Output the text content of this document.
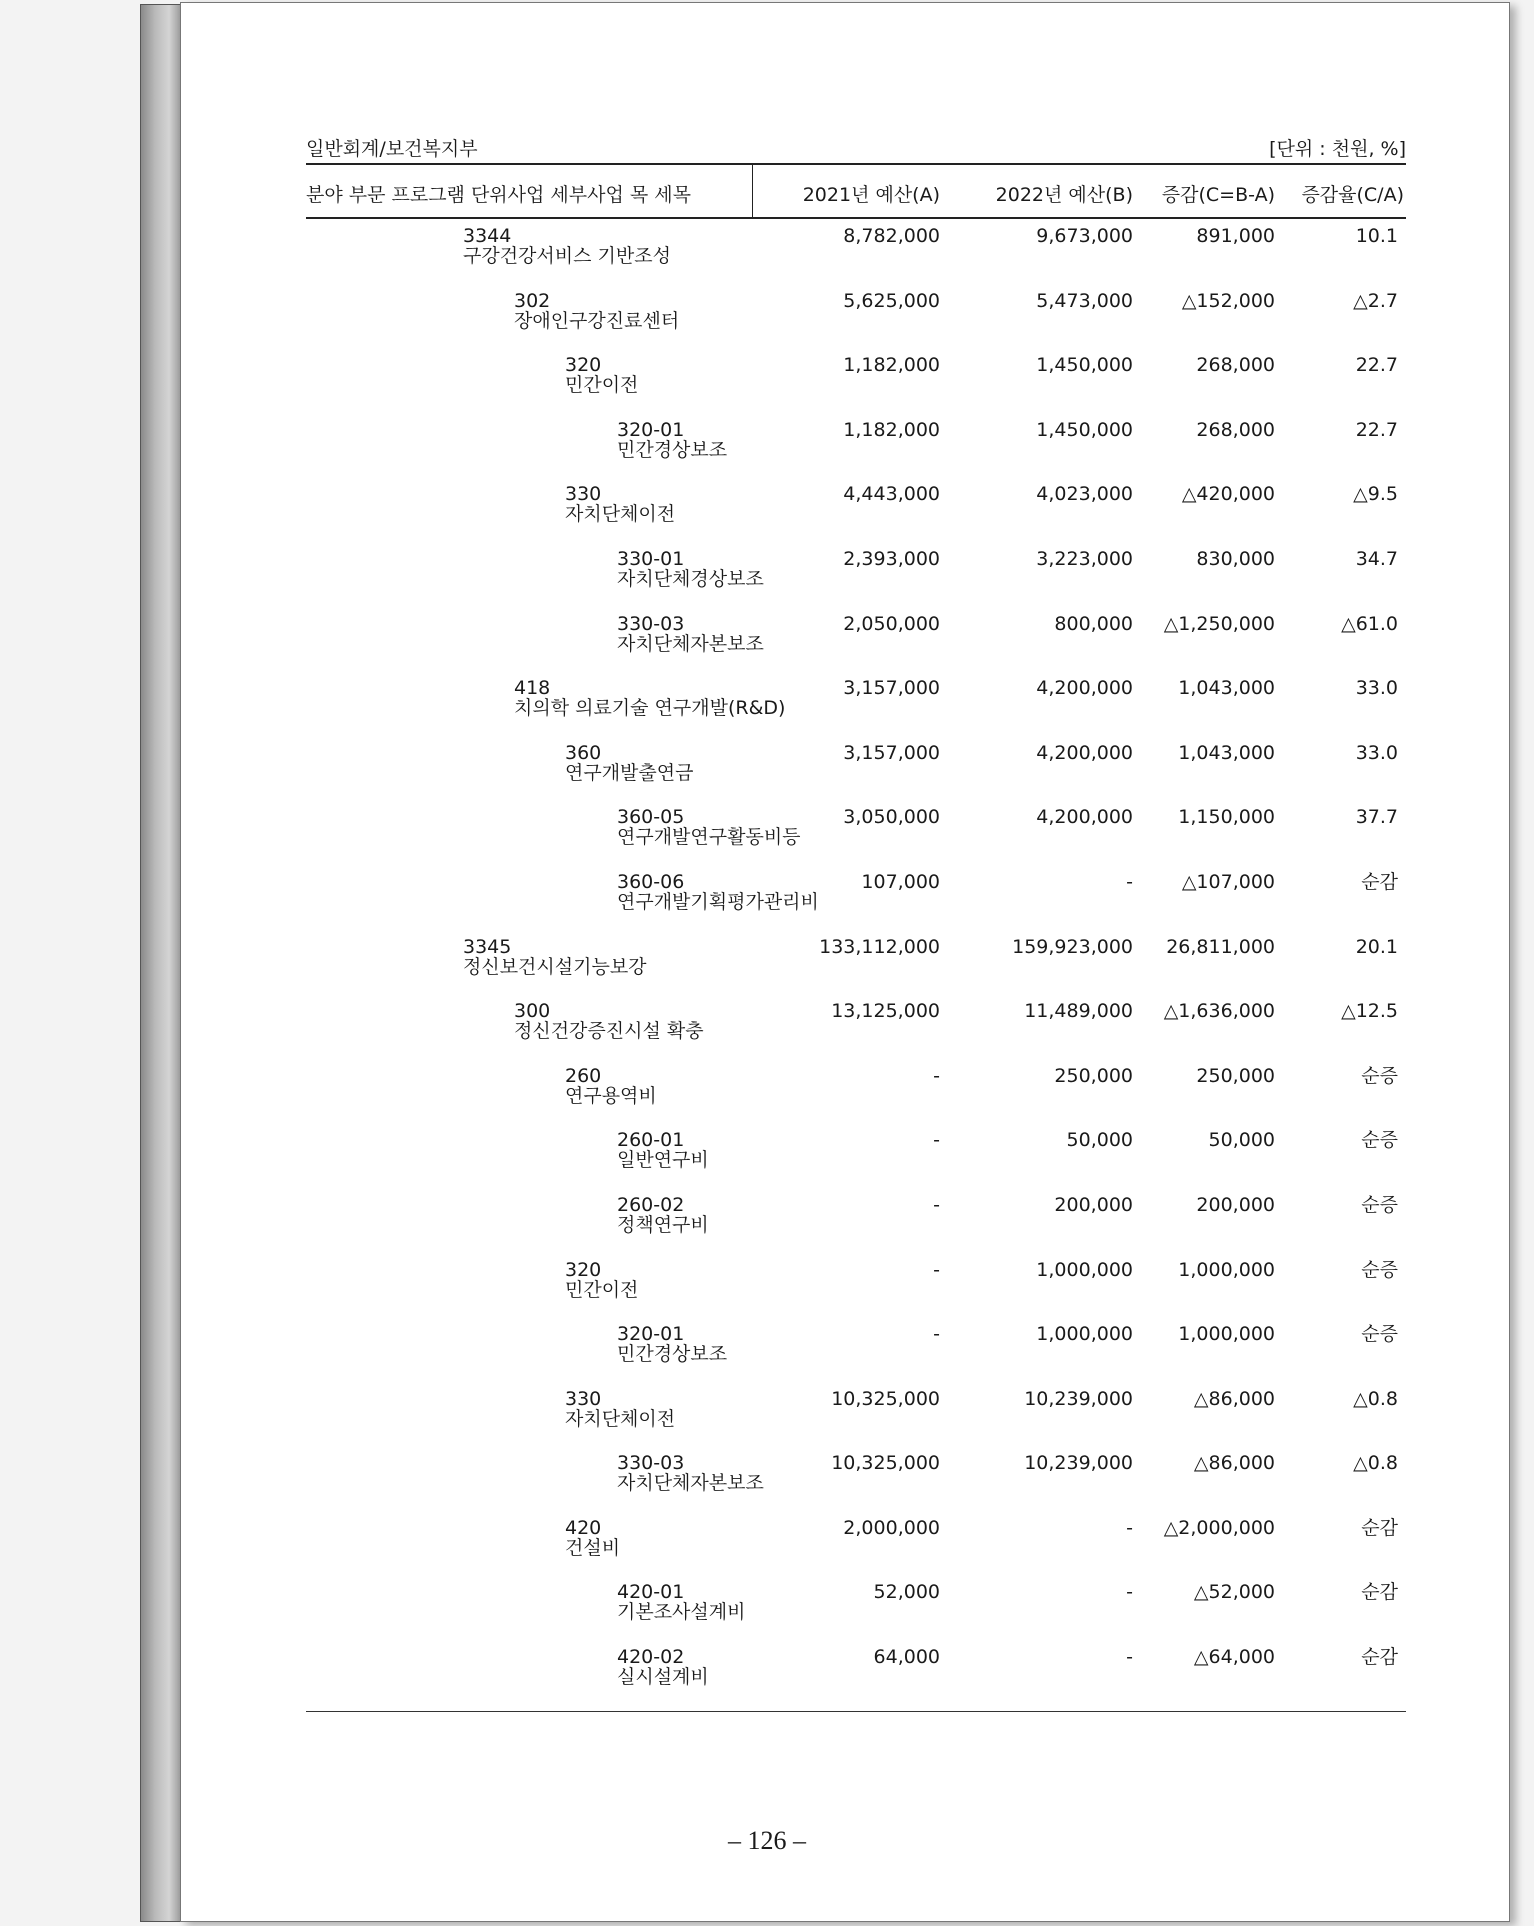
일반회계/보건복지부	[단위 : 천원, %]
분야 부문 프로그램 단위사업 세부사업 목 세목	2021년 예산(A)	2022년 예산(B) 증감(C=B-A) 증감율(C/A)
3344
구강건강서비스 기반조성
8,782,000	9,673,000	891,000	10.1
302
장애인구강진료센터
5,625,000	5,473,000	△152,000	△2.7
320
민간이전
1,182,000	1,450,000	268,000	22.7
320-01
민간경상보조
1,182,000	1,450,000	268,000	22.7
330
자치단체이전
4,443,000	4,023,000	△420,000	△9.5
330-01
자치단체경상보조
2,393,000	3,223,000	830,000	34.7
330-03
자치단체자본보조
2,050,000	800,000 △1,250,000	△61.0
418
치의학 의료기술 연구개발(R&D)
3,157,000	4,200,000 1,043,000	33.0
360
연구개발출연금
3,157,000	4,200,000 1,043,000	33.0
360-05
연구개발연구활동비등
3,050,000	4,200,000 1,150,000	37.7
360-06
연구개발기획평가관리비
107,000	-	△107,000	순감
3345
정신보건시설기능보강
133,112,000	159,923,000 26,811,000	20.1
300
정신건강증진시설 확충
13,125,000	11,489,000 △1,636,000	△12.5
260
연구용역비
-	250,000	250,000	순증
260-01
일반연구비
-	50,000	50,000	순증
260-02
정책연구비
-	200,000	200,000	순증
320
민간이전
-	1,000,000 1,000,000	순증
320-01
민간경상보조
-	1,000,000 1,000,000	순증
330
자치단체이전
10,325,000	10,239,000	△86,000	△0.8
330-03
자치단체자본보조
10,325,000	10,239,000	△86,000	△0.8
420
건설비
2,000,000	- △2,000,000	순감
420-01
기본조사설계비
52,000	-	△52,000	순감
420-02
실시설계비
64,000	-	△64,000	순감
– 126 –
